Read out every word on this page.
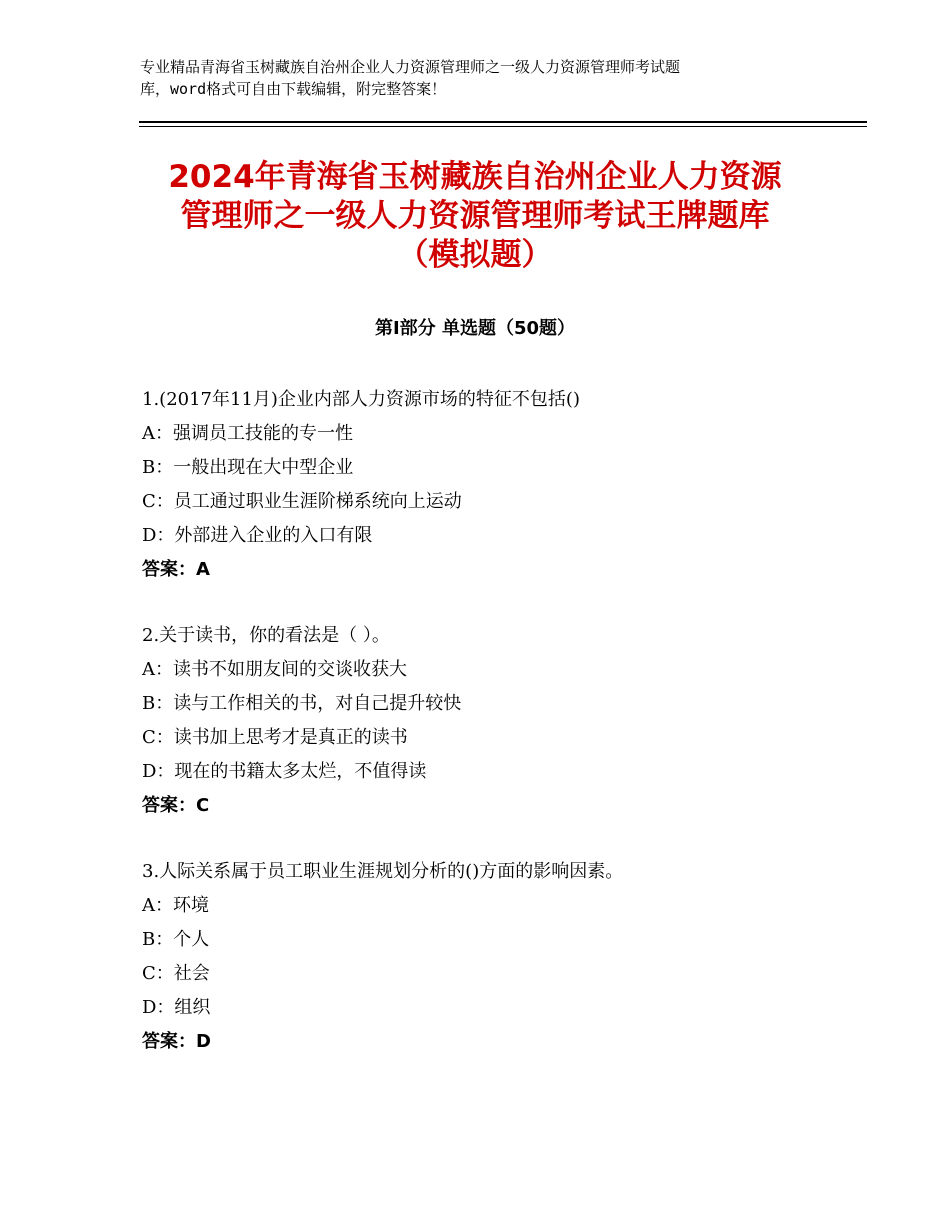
专业精品青海省玉树藏族自治州企业人力资源管理师之一级人力资源管理师考试题
库，word格式可自由下载编辑，附完整答案！
2024年青海省玉树藏族自治州企业人力资源
管理师之一级人力资源管理师考试王牌题库
（模拟题）
第Ⅰ部分 单选题（50题）
1.(2017年11月)企业内部人力资源市场的特征不包括()
A：强调员工技能的专一性
B：一般出现在大中型企业
C：员工通过职业生涯阶梯系统向上运动
D：外部进入企业的入口有限
答案：A
2.关于读书，你的看法是（ ）。
A：读书不如朋友间的交谈收获大
B：读与工作相关的书，对自己提升较快
C：读书加上思考才是真正的读书
D：现在的书籍太多太烂，不值得读
答案：C
3.人际关系属于员工职业生涯规划分析的()方面的影响因素。
A：环境
B：个人
C：社会
D：组织
答案：D
